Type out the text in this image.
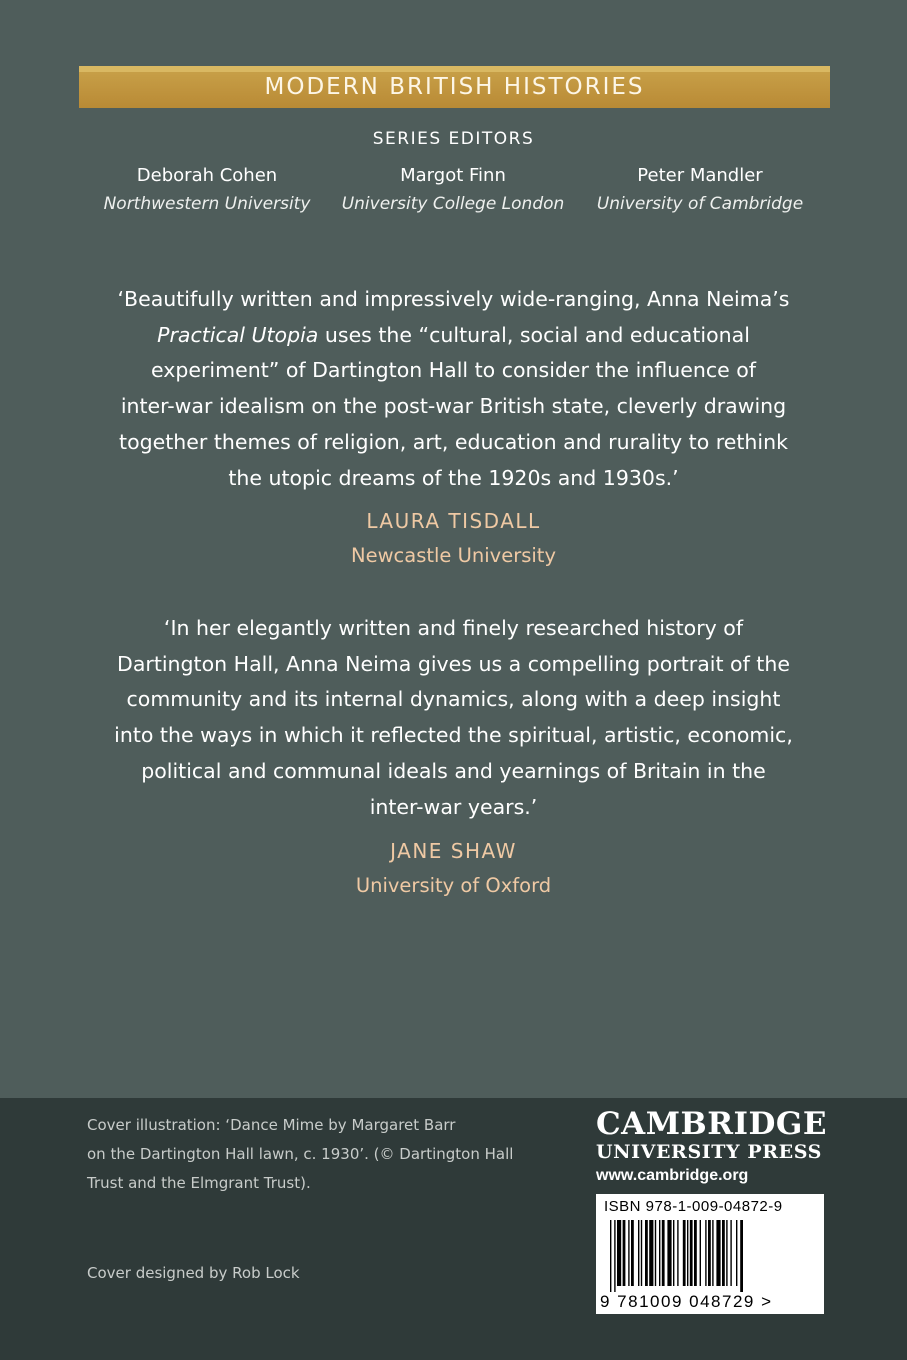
MODERN BRITISH HISTORIES
SERIES EDITORS
Deborah Cohen
Northwestern University
Margot Finn
University College London
Peter Mandler
University of Cambridge
‘Beautifully written and impressively wide-ranging, Anna Neima’s
Practical Utopia uses the “cultural, social and educational
experiment” of Dartington Hall to consider the influence of
inter-war idealism on the post-war British state, cleverly drawing
together themes of religion, art, education and rurality to rethink
the utopic dreams of the 1920s and 1930s.’
LAURA TISDALL
Newcastle University
‘In her elegantly written and finely researched history of
Dartington Hall, Anna Neima gives us a compelling portrait of the
community and its internal dynamics, along with a deep insight
into the ways in which it reflected the spiritual, artistic, economic,
political and communal ideals and yearnings of Britain in the
inter-war years.’
JANE SHAW
University of Oxford
Cover illustration: ‘Dance Mime by Margaret Barr
on the Dartington Hall lawn, c. 1930’. (© Dartington Hall
Trust and the Elmgrant Trust).
Cover designed by Rob Lock
CAMBRIDGE
UNIVERSITY PRESS
www.cambridge.org
ISBN 978-1-009-04872-9
9 781009 048729 >
